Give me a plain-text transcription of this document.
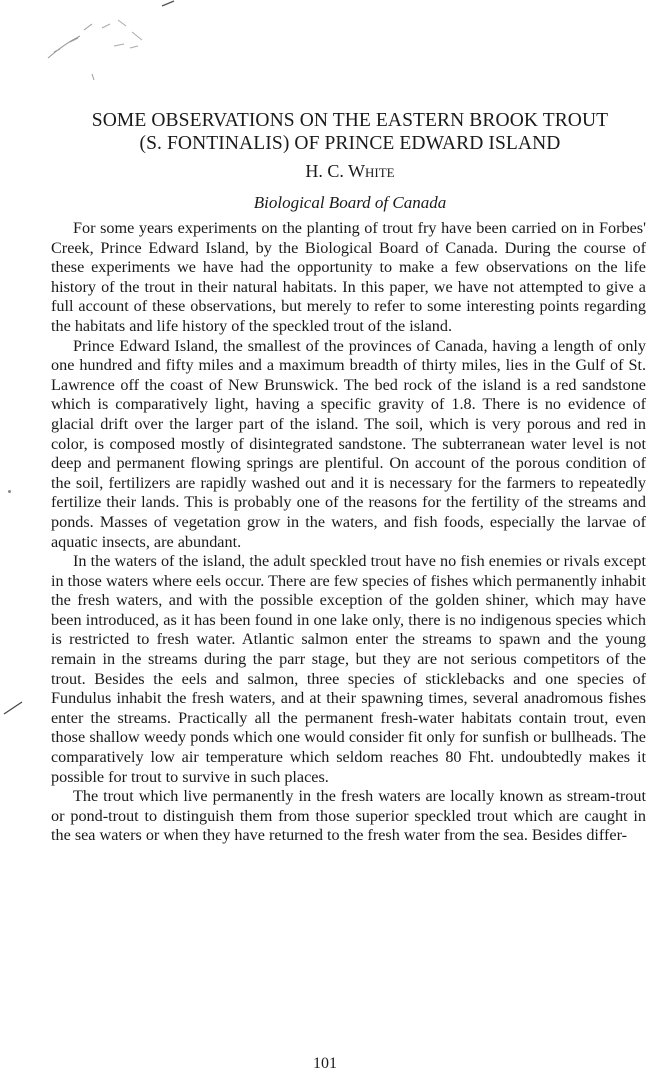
SOME OBSERVATIONS ON THE EASTERN BROOK TROUT
(S. FONTINALIS) OF PRINCE EDWARD ISLAND
H. C. White
Biological Board of Canada

For some years experiments on the planting of trout fry have been carried on in Forbes' Creek, Prince Edward Island, by the Biological Board of Canada. During the course of these experiments we have had the opportunity to make a few observations on the life history of the trout in their natural habitats. In this paper, we have not attempted to give a full account of these observations, but merely to refer to some interesting points regarding the habitats and life history of the speckled trout of the island.

Prince Edward Island, the smallest of the provinces of Canada, having a length of only one hundred and fifty miles and a maximum breadth of thirty miles, lies in the Gulf of St. Lawrence off the coast of New Brunswick. The bed rock of the island is a red sandstone which is comparatively light, having a specific gravity of 1.8. There is no evidence of glacial drift over the larger part of the island. The soil, which is very porous and red in color, is composed mostly of disintegrated sandstone. The subterranean water level is not deep and permanent flowing springs are plentiful. On account of the porous condition of the soil, fertilizers are rapidly washed out and it is necessary for the farmers to repeatedly fertilize their lands. This is probably one of the reasons for the fertility of the streams and ponds. Masses of vegetation grow in the waters, and fish foods, especially the larvae of aquatic insects, are abundant.

In the waters of the island, the adult speckled trout have no fish enemies or rivals except in those waters where eels occur. There are few species of fishes which permanently inhabit the fresh waters, and with the possible exception of the golden shiner, which may have been introduced, as it has been found in one lake only, there is no indigenous species which is restricted to fresh water. Atlantic salmon enter the streams to spawn and the young remain in the streams during the parr stage, but they are not serious competitors of the trout. Besides the eels and salmon, three species of sticklebacks and one species of Fundulus inhabit the fresh waters, and at their spawning times, several anadromous fishes enter the streams. Practically all the permanent fresh-water habitats contain trout, even those shallow weedy ponds which one would consider fit only for sunfish or bullheads. The comparatively low air temperature which seldom reaches 80 Fht. undoubtedly makes it possible for trout to survive in such places.

The trout which live permanently in the fresh waters are locally known as stream-trout or pond-trout to distinguish them from those superior speckled trout which are caught in the sea waters or when they have returned to the fresh water from the sea. Besides differ-

101
